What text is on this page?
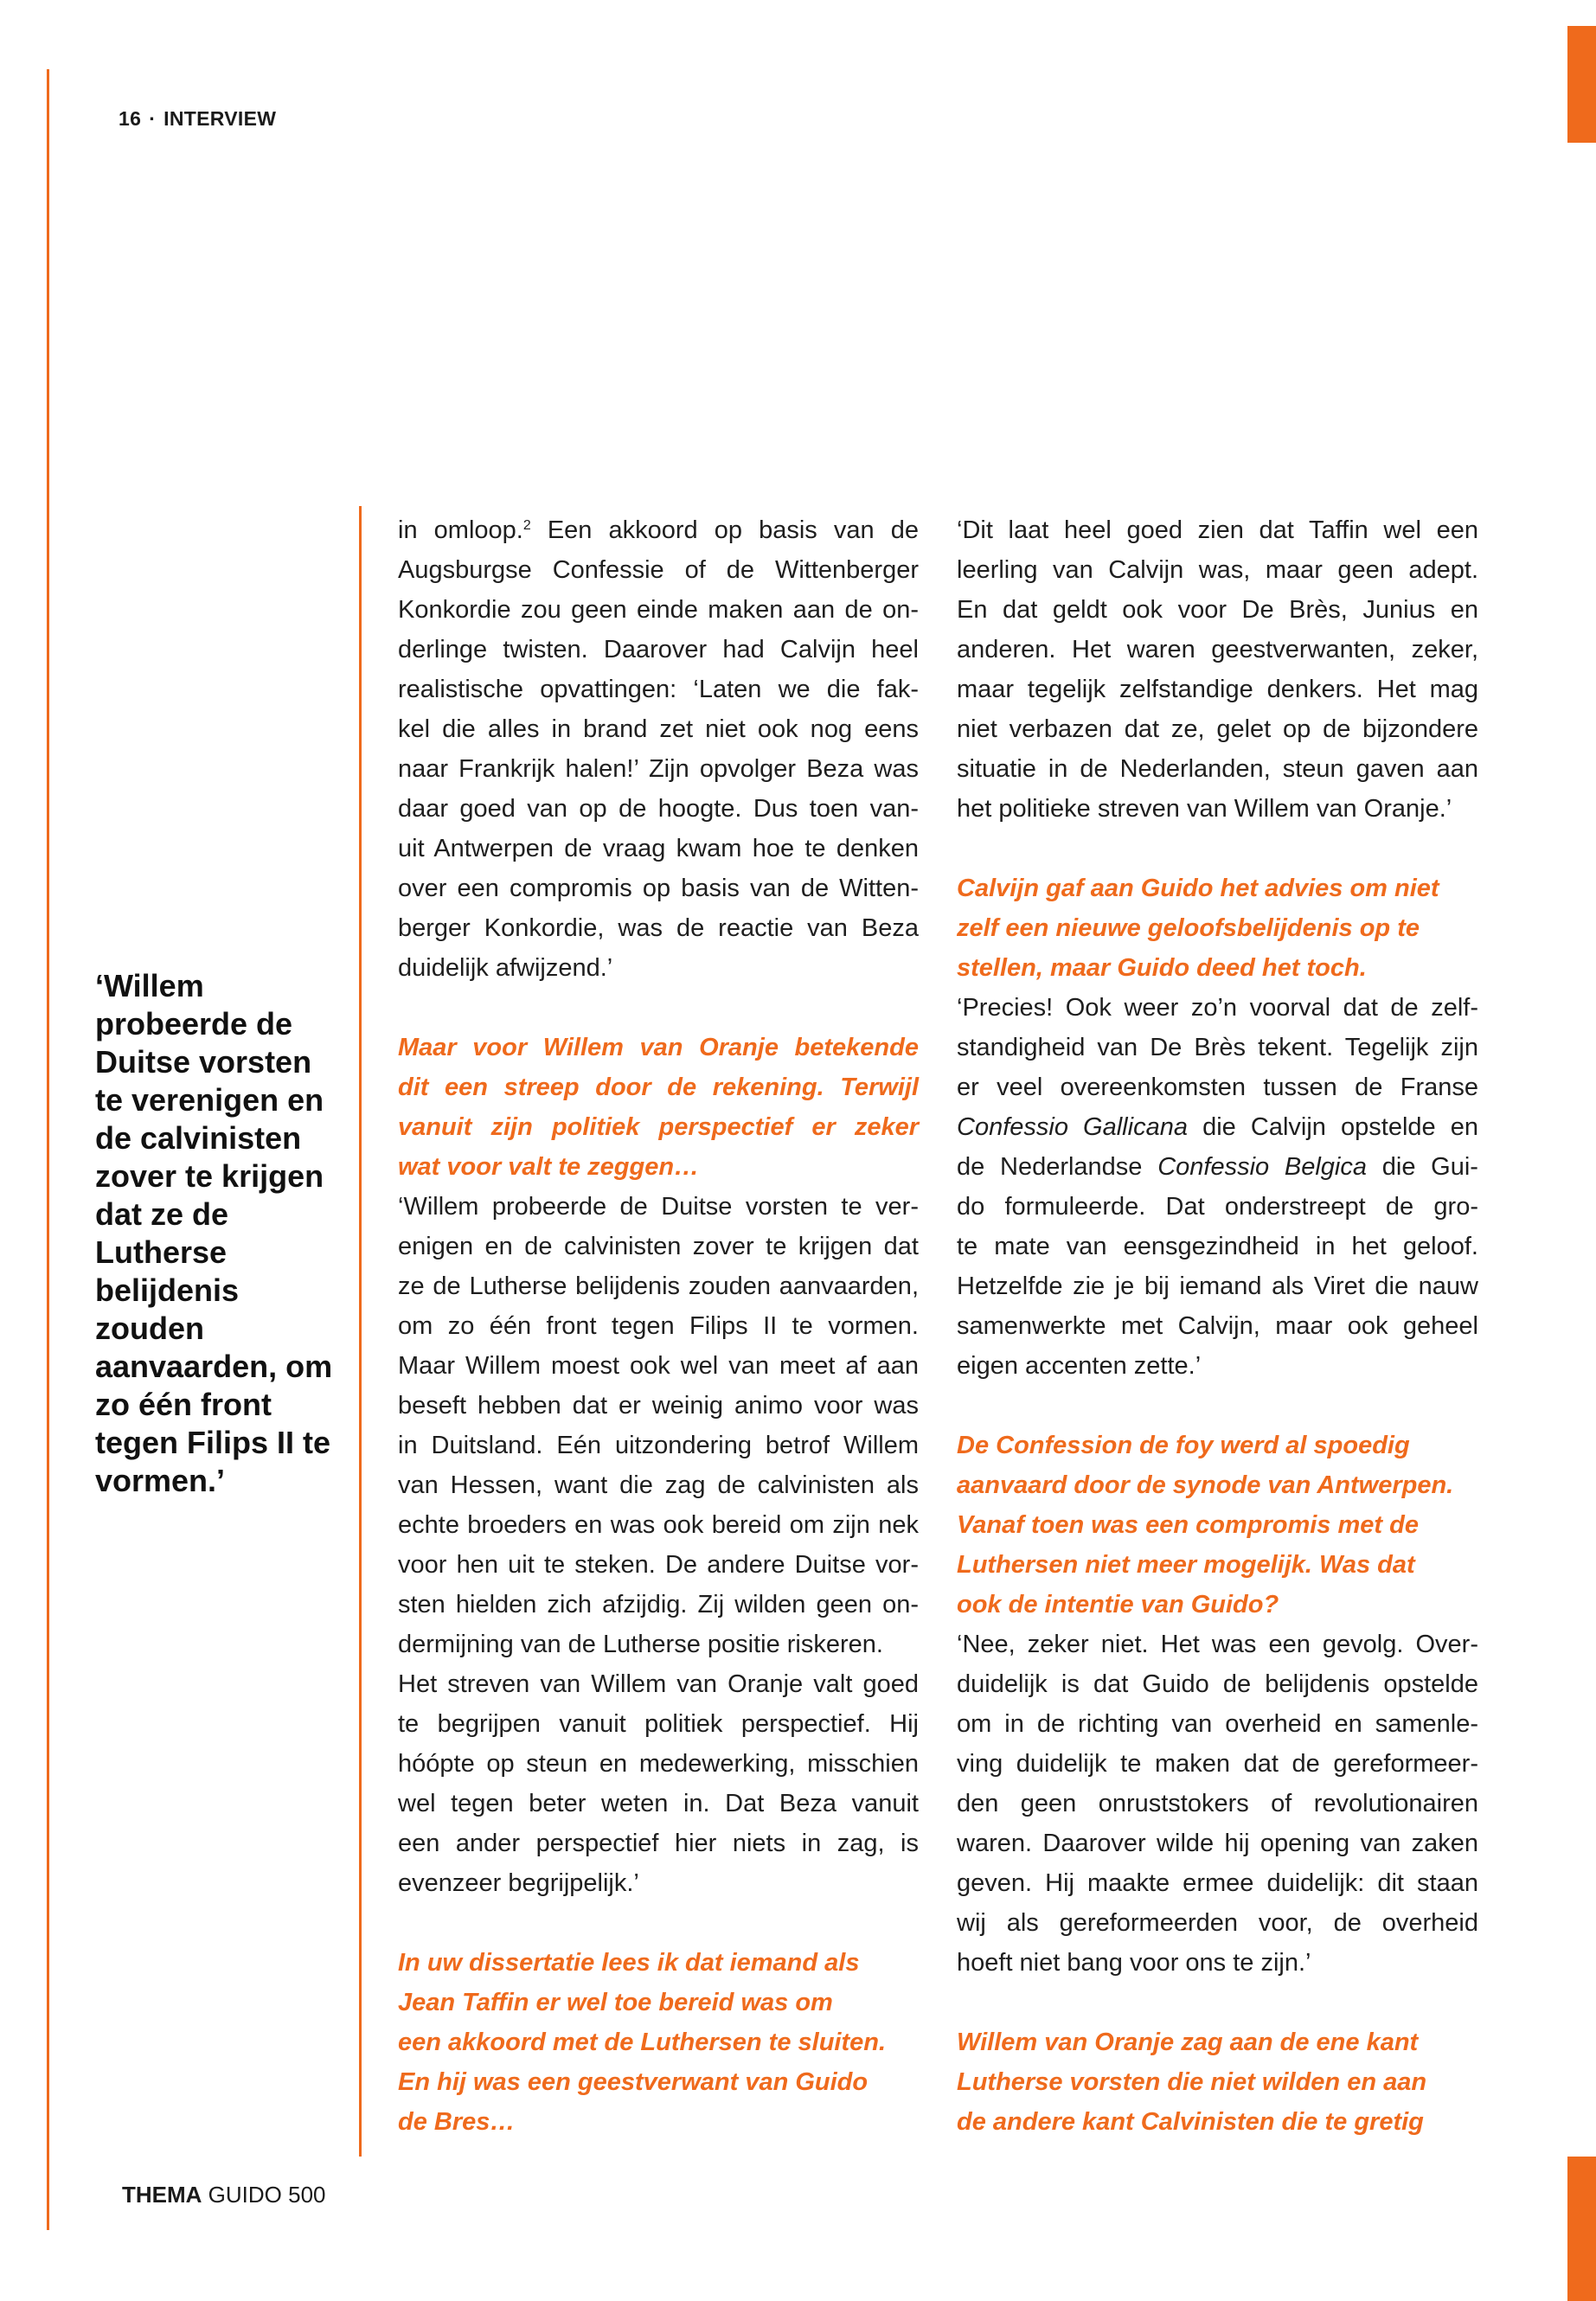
16 · INTERVIEW

‘Willem probeerde de Duitse vorsten te verenigen en de calvinisten zover te krijgen dat ze de Lutherse belijdenis zouden aanvaarden, om zo één front tegen Filips II te vormen.’

in omloop.$^2$ Een akkoord op basis van de
Augsburgse Confessie of de Wittenberger
Konkordie zou geen einde maken aan de on-
derlinge twisten. Daarover had Calvijn heel
realistische opvattingen: ‘Laten we die fak-
kel die alles in brand zet niet ook nog eens
naar Frankrijk halen!’ Zijn opvolger Beza was
daar goed van op de hoogte. Dus toen van-
uit Antwerpen de vraag kwam hoe te denken
over een compromis op basis van de Witten-
berger Konkordie, was de reactie van Beza
duidelijk afwijzend.’
Maar voor Willem van Oranje betekende
dit een streep door de rekening. Terwijl
vanuit zijn politiek perspectief er zeker
wat voor valt te zeggen…
‘Willem probeerde de Duitse vorsten te ver-
enigen en de calvinisten zover te krijgen dat
ze de Lutherse belijdenis zouden aanvaarden,
om zo één front tegen Filips II te vormen.
Maar Willem moest ook wel van meet af aan
beseft hebben dat er weinig animo voor was
in Duitsland. Eén uitzondering betrof Willem
van Hessen, want die zag de calvinisten als
echte broeders en was ook bereid om zijn nek
voor hen uit te steken. De andere Duitse vor-
sten hielden zich afzijdig. Zij wilden geen on-
dermijning van de Lutherse positie riskeren.
Het streven van Willem van Oranje valt goed
te begrijpen vanuit politiek perspectief. Hij
hóópte op steun en medewerking, misschien
wel tegen beter weten in. Dat Beza vanuit
een ander perspectief hier niets in zag, is
evenzeer begrijpelijk.’
In uw dissertatie lees ik dat iemand als
Jean Taffin er wel toe bereid was om
een akkoord met de Luthersen te sluiten.
En hij was een geestverwant van Guido
de Bres…
‘Dit laat heel goed zien dat Taffin wel een
leerling van Calvijn was, maar geen adept.
En dat geldt ook voor De Brès, Junius en
anderen. Het waren geestverwanten, zeker,
maar tegelijk zelfstandige denkers. Het mag
niet verbazen dat ze, gelet op de bijzondere
situatie in de Nederlanden, steun gaven aan
het politieke streven van Willem van Oranje.’
Calvijn gaf aan Guido het advies om niet
zelf een nieuwe geloofsbelijdenis op te
stellen, maar Guido deed het toch.
‘Precies! Ook weer zo’n voorval dat de zelf-
standigheid van De Brès tekent. Tegelijk zijn
er veel overeenkomsten tussen de Franse
Confessio Gallicana die Calvijn opstelde en
de Nederlandse Confessio Belgica die Gui-
do formuleerde. Dat onderstreept de gro-
te mate van eensgezindheid in het geloof.
Hetzelfde zie je bij iemand als Viret die nauw
samenwerkte met Calvijn, maar ook geheel
eigen accenten zette.’
De Confession de foy werd al spoedig
aanvaard door de synode van Antwerpen.
Vanaf toen was een compromis met de
Luthersen niet meer mogelijk. Was dat
ook de intentie van Guido?
‘Nee, zeker niet. Het was een gevolg. Over-
duidelijk is dat Guido de belijdenis opstelde
om in de richting van overheid en samenle-
ving duidelijk te maken dat de gereformeer-
den geen onruststokers of revolutionairen
waren. Daarover wilde hij opening van zaken
geven. Hij maakte ermee duidelijk: dit staan
wij als gereformeerden voor, de overheid
hoeft niet bang voor ons te zijn.’
Willem van Oranje zag aan de ene kant
Lutherse vorsten die niet wilden en aan
de andere kant Calvinisten die te gretig
THEMA GUIDO 500
